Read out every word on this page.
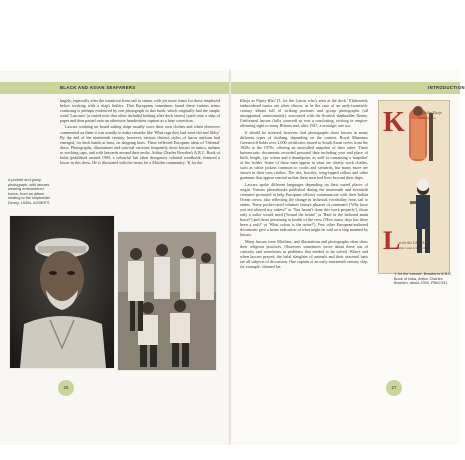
BLACK AND ASIAN SEAFARERS	INTRODUCTION
A portrait and group photograph, with lascars wearing embroidered tunics, from an album relating to the shipbuilder Denny, 1930s, ACBRITS

hugely, especially after the transition from sail to steam, with yet more terms for those employed below working with a ship's boilers. That Europeans sometimes found these various terms confusing is perhaps evidenced by one photograph in this book, which originally had the simple word 'Lascaars' (a varied note that often included looking after deck stores) typed onto a strip of paper and then pasted onto an otherwise handwritten caption as a later correction.

Lascars working on board sailing ships usually wore their own clothes and when observers commented on them it was usually to make remarks like 'What rags they had were old and filthy.' By the end of the nineteenth century, however, various distinct styles of lascar uniform had emerged, for deck hands at least, on shipping lines. These reflected European ideas of 'Oriental' dress. Photographs, illustrations and satirical cartoons frequently show lascars in tunics, turbans or stocking caps, and with lanyards around their necks. Arthur Charles Bowden's A.B.C. Book of India (published around 1900, a colourful but often derogatory colonial wordbook, featured a lascar in this dress. He is illustrated with the terms for a Muslim community: 'K for the

Khoja as Pipsty Riss' ('L for the Lascar who's seen at the dock.' Elaborately embroidered tunics are often shown, as in the case of an early-twentieth-century album full of striking portraits and group photographs (all unsupported, unfortunately), associated with the Scottish shipbuilder Denny. Uniformed lascars (fully sourced) so was a comforting, reciting or empire-affirming sight to many Britons and, after 1947, a nostalgic one too.

It should be stressed, however, that photographs show lascars in many different types of clothing, depending on the context. Royal Museums Greenwich holds over 2,000 certificates issued to South Asian crews from the 1920s to the 1970s, offering an unrivalled snapshot of their attire. These bureaucratic documents recorded personal data including year and place of birth, height, eye colour and a thumbprint, as well as containing a 'snapshot' of the holder. Some of these men appear in what are clearly work clothes, such as white jackets common to cooks and stewards, but many more are shown in their own clothes. The ties, bowties, wing-tipped collars and other garments that appear remind us that these men had lives beyond their ships.

Lascars spoke different languages depending on their varied places of origin. Various phrasebooks published during the nineteenth and twentieth centuries promised to help European officers communicate with their Indian Ocean crews, also reflecting the change in technical vocabulary from sail to steam. These pocket-sized volumes feature phrases of command ('Why have you not obeyed my orders?' or 'You haven't done this work properly'), those only a sailor would need ('Sound the beam!' or 'Haul in the larboard main brace!') and those pertaining to health of the crew ('How many days has there been a rash?' or 'What colour is the urine?'). Few other European-authored documents give a better indication of what might be said on a ship manned by lascars.

Many lascars were Muslims, and illustrations and photographs often show their religious practices. Observers sometimes wrote about these out of curiosity and sometimes as problems that needed to be solved. Where and when lascars prayed, the halal slaughter of animals and their seasonal fasts are all subjects of discussion. One captain of an early nineteenth century ship, for example, claimed his

K
L
is for the Khoja
as Pipsty Riss
is for the LASCAR
who's seen at the dock
'L for the Lascar', Bowden's A.B.C. Book of India, Arthur Charles Bowden, about 1900. PBN7431
26	27
